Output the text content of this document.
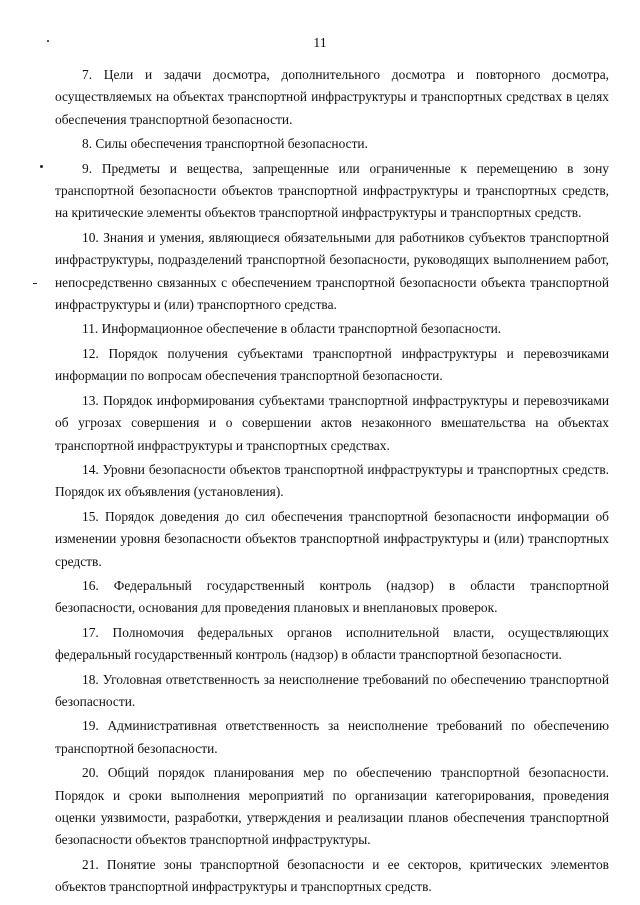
11

7. Цели и задачи досмотра, дополнительного досмотра и повторного досмотра, осуществляемых на объектах транспортной инфраструктуры и транспортных средствах в целях обеспечения транспортной безопасности.

8. Силы обеспечения транспортной безопасности.

9. Предметы и вещества, запрещенные или ограниченные к перемещению в зону транспортной безопасности объектов транспортной инфраструктуры и транспортных средств, на критические элементы объектов транспортной инфраструктуры и транспортных средств.

10. Знания и умения, являющиеся обязательными для работников субъектов транспортной инфраструктуры, подразделений транспортной безопасности, руководящих выполнением работ, непосредственно связанных с обеспечением транспортной безопасности объекта транспортной инфраструктуры и (или) транспортного средства.

11. Информационное обеспечение в области транспортной безопасности.

12. Порядок получения субъектами транспортной инфраструктуры и перевозчиками информации по вопросам обеспечения транспортной безопасности.

13. Порядок информирования субъектами транспортной инфраструктуры и перевозчиками об угрозах совершения и о совершении актов незаконного вмешательства на объектах транспортной инфраструктуры и транспортных средствах.

14. Уровни безопасности объектов транспортной инфраструктуры и транспортных средств. Порядок их объявления (установления).

15. Порядок доведения до сил обеспечения транспортной безопасности информации об изменении уровня безопасности объектов транспортной инфраструктуры и (или) транспортных средств.

16. Федеральный государственный контроль (надзор) в области транспортной безопасности, основания для проведения плановых и внеплановых проверок.

17. Полномочия федеральных органов исполнительной власти, осуществляющих федеральный государственный контроль (надзор) в области транспортной безопасности.

18. Уголовная ответственность за неисполнение требований по обеспечению транспортной безопасности.

19. Административная ответственность за неисполнение требований по обеспечению транспортной безопасности.

20. Общий порядок планирования мер по обеспечению транспортной безопасности. Порядок и сроки выполнения мероприятий по организации категорирования, проведения оценки уязвимости, разработки, утверждения и реализации планов обеспечения транспортной безопасности объектов транспортной инфраструктуры.

21. Понятие зоны транспортной безопасности и ее секторов, критических элементов объектов транспортной инфраструктуры и транспортных средств.
